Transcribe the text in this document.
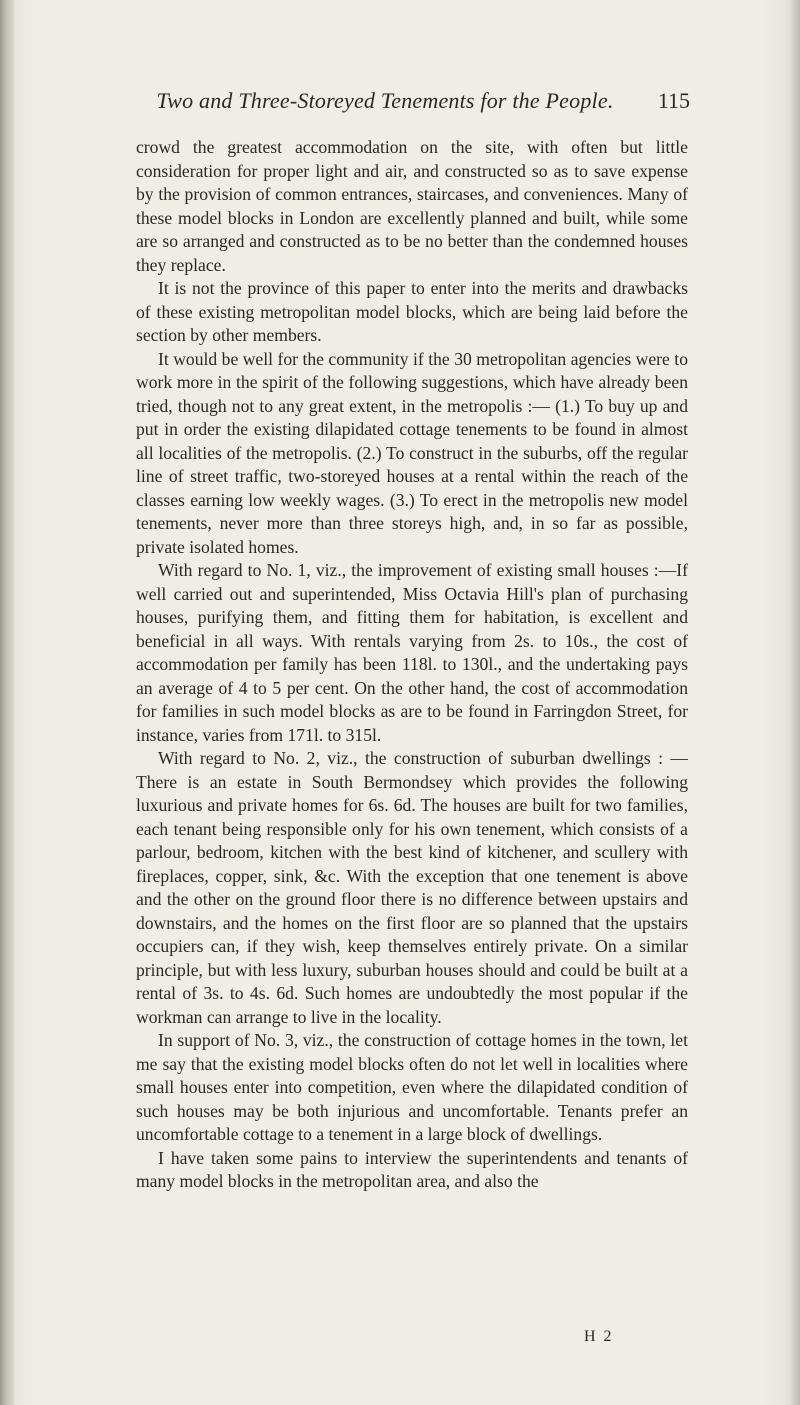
Two and Three-Storeyed Tenements for the People.	115

crowd the greatest accommodation on the site, with often but little consideration for proper light and air, and constructed so as to save expense by the provision of common entrances, staircases, and conveniences. Many of these model blocks in London are excellently planned and built, while some are so arranged and constructed as to be no better than the condemned houses they replace.

It is not the province of this paper to enter into the merits and drawbacks of these existing metropolitan model blocks, which are being laid before the section by other members.

It would be well for the community if the 30 metropolitan agencies were to work more in the spirit of the following suggestions, which have already been tried, though not to any great extent, in the metropolis :— (1.) To buy up and put in order the existing dilapidated cottage tenements to be found in almost all localities of the metropolis. (2.) To construct in the suburbs, off the regular line of street traffic, two-storeyed houses at a rental within the reach of the classes earning low weekly wages. (3.) To erect in the metropolis new model tenements, never more than three storeys high, and, in so far as possible, private isolated homes.

With regard to No. 1, viz., the improvement of existing small houses :—If well carried out and superintended, Miss Octavia Hill's plan of purchasing houses, purifying them, and fitting them for habitation, is excellent and beneficial in all ways. With rentals varying from 2s. to 10s., the cost of accommodation per family has been 118l. to 130l., and the undertaking pays an average of 4 to 5 per cent. On the other hand, the cost of accommodation for families in such model blocks as are to be found in Farringdon Street, for instance, varies from 171l. to 315l.

With regard to No. 2, viz., the construction of suburban dwellings : —There is an estate in South Bermondsey which provides the following luxurious and private homes for 6s. 6d. The houses are built for two families, each tenant being responsible only for his own tenement, which consists of a parlour, bedroom, kitchen with the best kind of kitchener, and scullery with fireplaces, copper, sink, &c. With the exception that one tenement is above and the other on the ground floor there is no difference between upstairs and downstairs, and the homes on the first floor are so planned that the upstairs occupiers can, if they wish, keep themselves entirely private. On a similar principle, but with less luxury, suburban houses should and could be built at a rental of 3s. to 4s. 6d. Such homes are undoubtedly the most popular if the workman can arrange to live in the locality.

In support of No. 3, viz., the construction of cottage homes in the town, let me say that the existing model blocks often do not let well in localities where small houses enter into competition, even where the dilapidated condition of such houses may be both injurious and uncomfortable. Tenants prefer an uncomfortable cottage to a tenement in a large block of dwellings.

I have taken some pains to interview the superintendents and tenants of many model blocks in the metropolitan area, and also the

H 2
